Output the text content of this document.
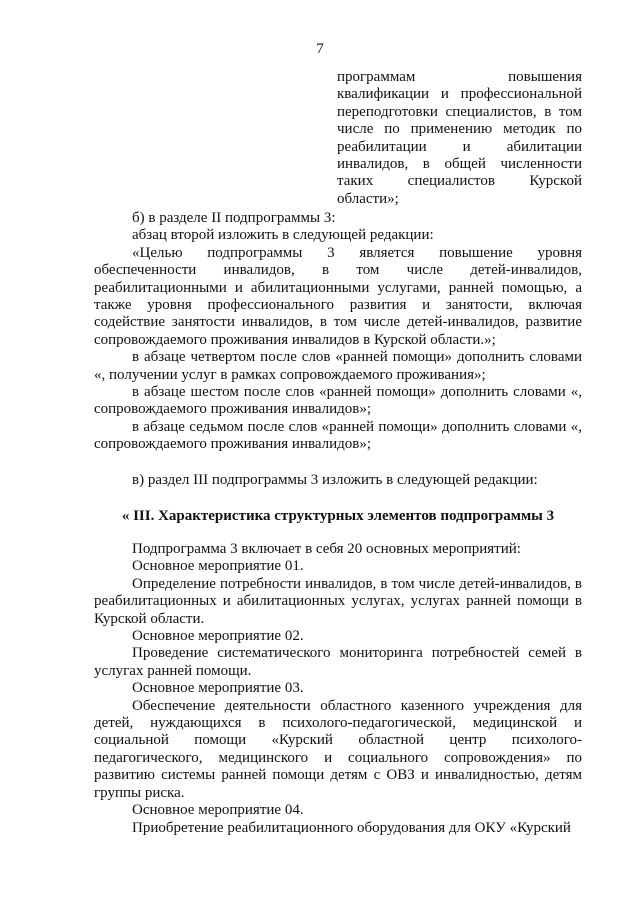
7
программам повышения квалификации и профессиональной переподготовки специалистов, в том числе по применению методик по реабилитации и абилитации инвалидов, в общей численности таких специалистов Курской области»;

б) в разделе II подпрограммы 3:

абзац второй изложить в следующей редакции:

«Целью подпрограммы 3 является повышение уровня обеспеченности инвалидов, в том числе детей-инвалидов, реабилитационными и абилитационными услугами, ранней помощью, а также уровня профессионального развития и занятости, включая содействие занятости инвалидов, в том числе детей-инвалидов, развитие сопровождаемого проживания инвалидов в Курской области.»;

в абзаце четвертом после слов «ранней помощи» дополнить словами «, получении услуг в рамках сопровождаемого проживания»;

в абзаце шестом после слов «ранней помощи» дополнить словами «, сопровождаемого проживания инвалидов»;

в абзаце седьмом после слов «ранней помощи» дополнить словами «, сопровождаемого проживания инвалидов»;

в) раздел III подпрограммы 3 изложить в следующей редакции:

« III. Характеристика структурных элементов подпрограммы 3

Подпрограмма 3 включает в себя 20 основных мероприятий:

Основное мероприятие 01.

Определение потребности инвалидов, в том числе детей-инвалидов, в реабилитационных и абилитационных услугах, услугах ранней помощи в Курской области.

Основное мероприятие 02.

Проведение систематического мониторинга потребностей семей в услугах ранней помощи.

Основное мероприятие 03.

Обеспечение деятельности областного казенного учреждения для детей, нуждающихся в психолого-педагогической, медицинской и социальной помощи «Курский областной центр психолого-педагогического, медицинского и социального сопровождения» по развитию системы ранней помощи детям с ОВЗ и инвалидностью, детям группы риска.

Основное мероприятие 04.

Приобретение реабилитационного оборудования для ОКУ «Курский
